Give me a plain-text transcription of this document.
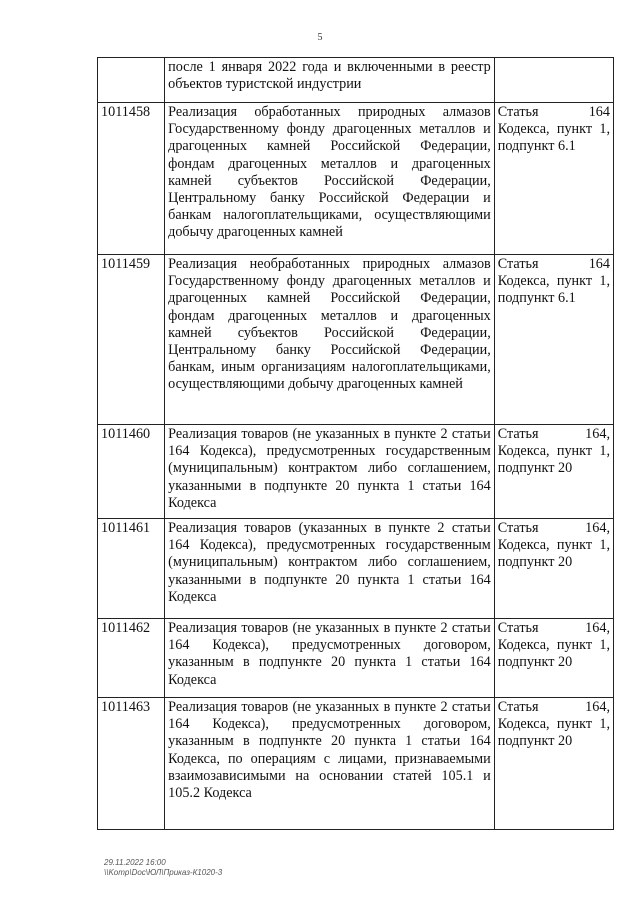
5
	после 1 января 2022 года и включенными в реестр объектов туристской индустрии	
1011458	Реализация обработанных природных алмазов Государственному фонду драгоценных металлов и драгоценных камней Российской Федерации, фондам драгоценных металлов и драгоценных камней субъектов Российской Федерации, Центральному банку Российской Федерации и банкам налогоплательщиками, осуществляющими добычу драгоценных камней	Статья 164 Кодекса, пункт 1, подпункт 6.1
1011459	Реализация необработанных природных алмазов Государственному фонду драгоценных металлов и драгоценных камней Российской Федерации, фондам драгоценных металлов и драгоценных камней субъектов Российской Федерации, Центральному банку Российской Федерации, банкам, иным организациям налогоплательщиками, осуществляющими добычу драгоценных камней	Статья 164 Кодекса, пункт 1, подпункт 6.1
1011460	Реализация товаров (не указанных в пункте 2 статьи 164 Кодекса), предусмотренных государственным (муниципальным) контрактом либо соглашением, указанными в подпункте 20 пункта 1 статьи 164 Кодекса	Статья 164, Кодекса, пункт 1, подпункт 20
1011461	Реализация товаров (указанных в пункте 2 статьи 164 Кодекса), предусмотренных государственным (муниципальным) контрактом либо соглашением, указанными в подпункте 20 пункта 1 статьи 164 Кодекса	Статья 164, Кодекса, пункт 1, подпункт 20
1011462	Реализация товаров (не указанных в пункте 2 статьи 164 Кодекса), предусмотренных договором, указанным в подпункте 20 пункта 1 статьи 164 Кодекса	Статья 164, Кодекса, пункт 1, подпункт 20
1011463	Реализация товаров (не указанных в пункте 2 статьи 164 Кодекса), предусмотренных договором, указанным в подпункте 20 пункта 1 статьи 164 Кодекса, по операциям с лицами, признаваемыми взаимозависимыми на основании статей 105.1 и 105.2 Кодекса	Статья 164, Кодекса, пункт 1, подпункт 20
29.11.2022 16:00
\\Komp\Doc\ЮЛ\Приказ-К1020-3
